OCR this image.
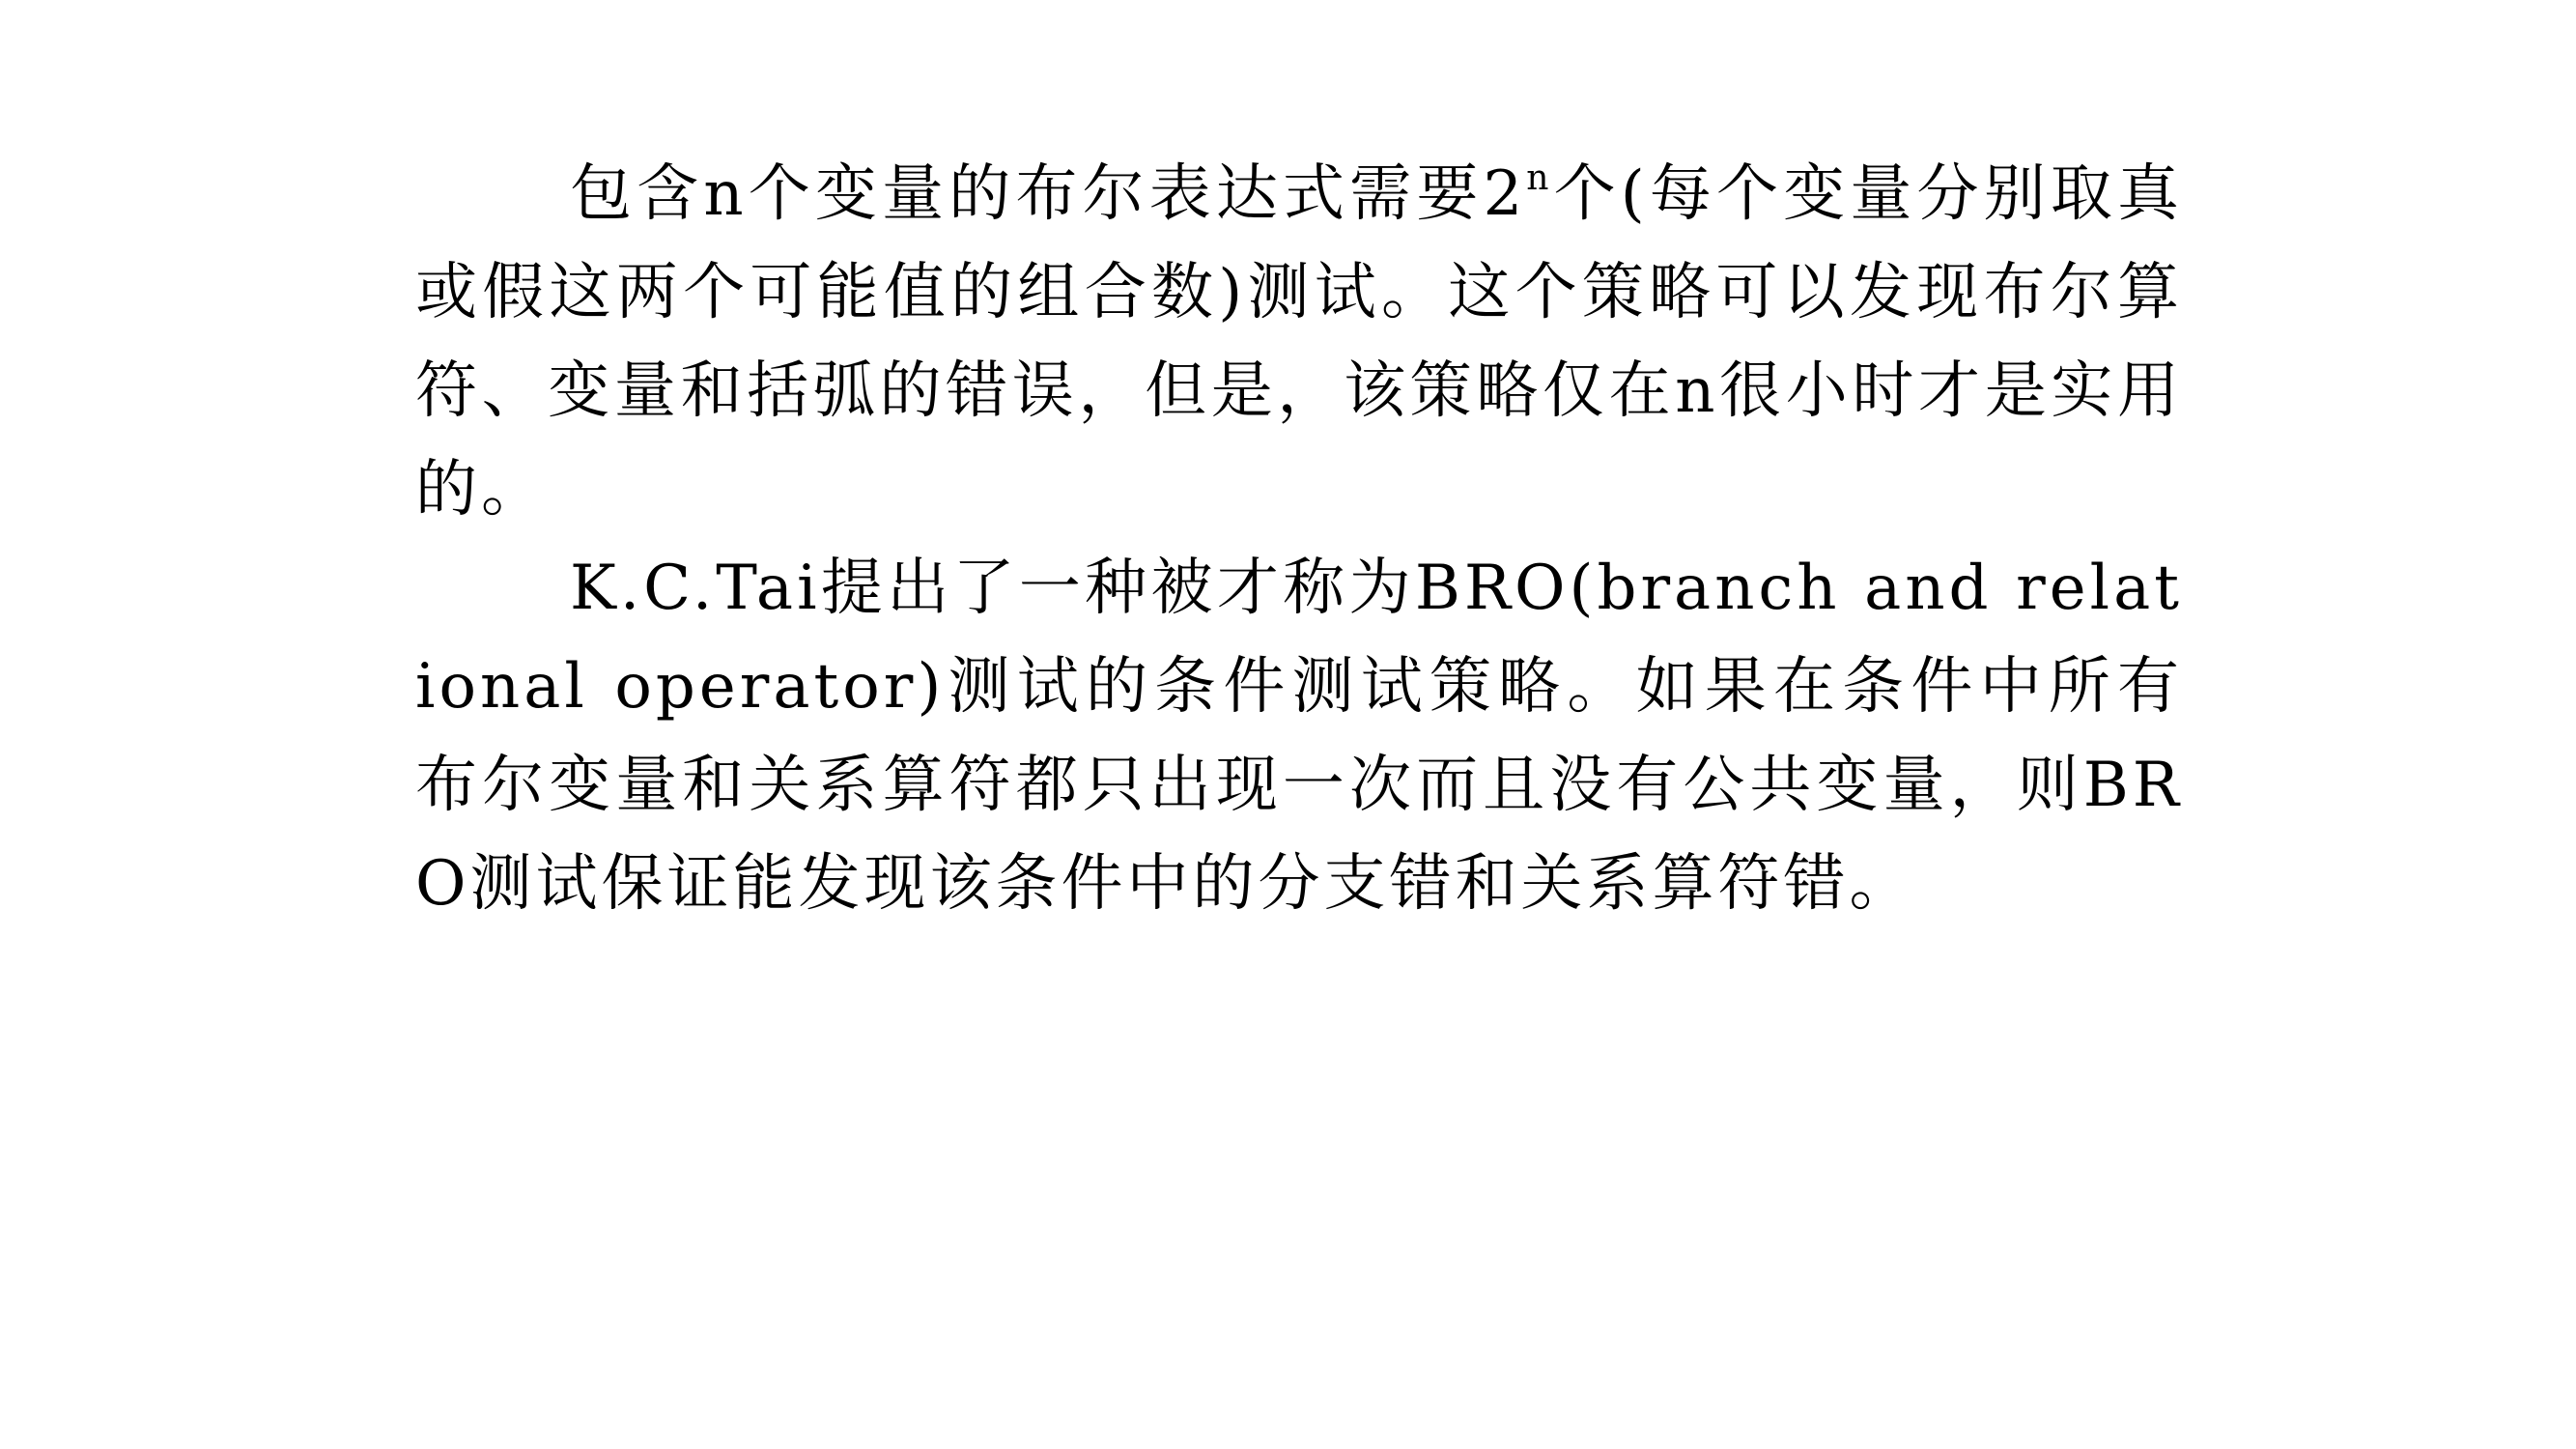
包含n个变量的布尔表达式需要2$^n$个(每个变量分别取真或假这两个可能值的组合数)测试。这个策略可以发现布尔算符、变量和括弧的错误，但是，该策略仅在n很小时才是实用的。

K.C.Tai提出了一种被才称为BRO(branch and relational operator)测试的条件测试策略。如果在条件中所有布尔变量和关系算符都只出现一次而且没有公共变量，则BRO测试保证能发现该条件中的分支错和关系算符错。
